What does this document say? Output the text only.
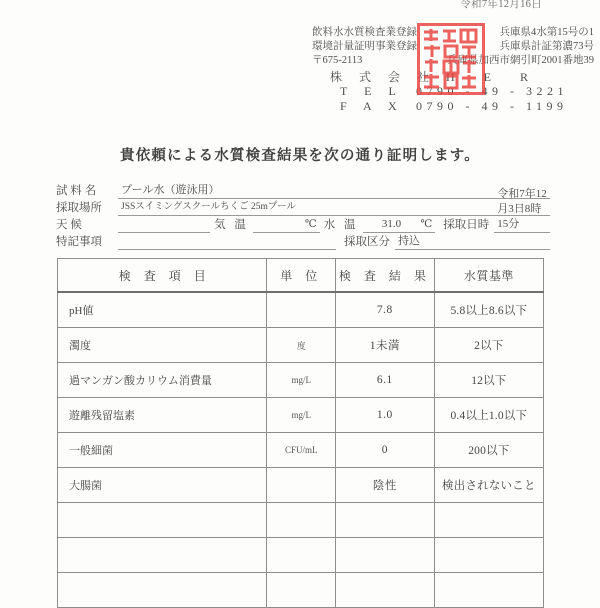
令和7年12月16日
飲料水水質検査業登録	兵庫県4水第15号の1
環境計量証明事業登録	兵庫県計証第濃73号
〒675-2113	兵庫県加西市網引町2001番地39
株 式 会 社 H E R
T E L 0790 - 49 - 3221
F A X 0790 - 49 - 1199
貴依頼による水質検査結果を次の通り証明します。
試 料 名	プール水（遊泳用）
採取場所	JSSスイミングスクールちくご 25mプール
天 候	気 温	℃ 水 温	31.0	℃ 採取日時
令和7年12月3日8時15分
特記事項	採取区分 持込
検 査 項 目	単 位	検 査 結 果	水質基準
pH値		7.8	5.8以上8.6以下
濁度	度	1未満	2以下
過マンガン酸カリウム消費量	mg/L	6.1	12以下
遊離残留塩素	mg/L	1.0	0.4以上1.0以下
一般細菌	CFU/mL	0	200以下
大腸菌		陰性	検出されないこと
